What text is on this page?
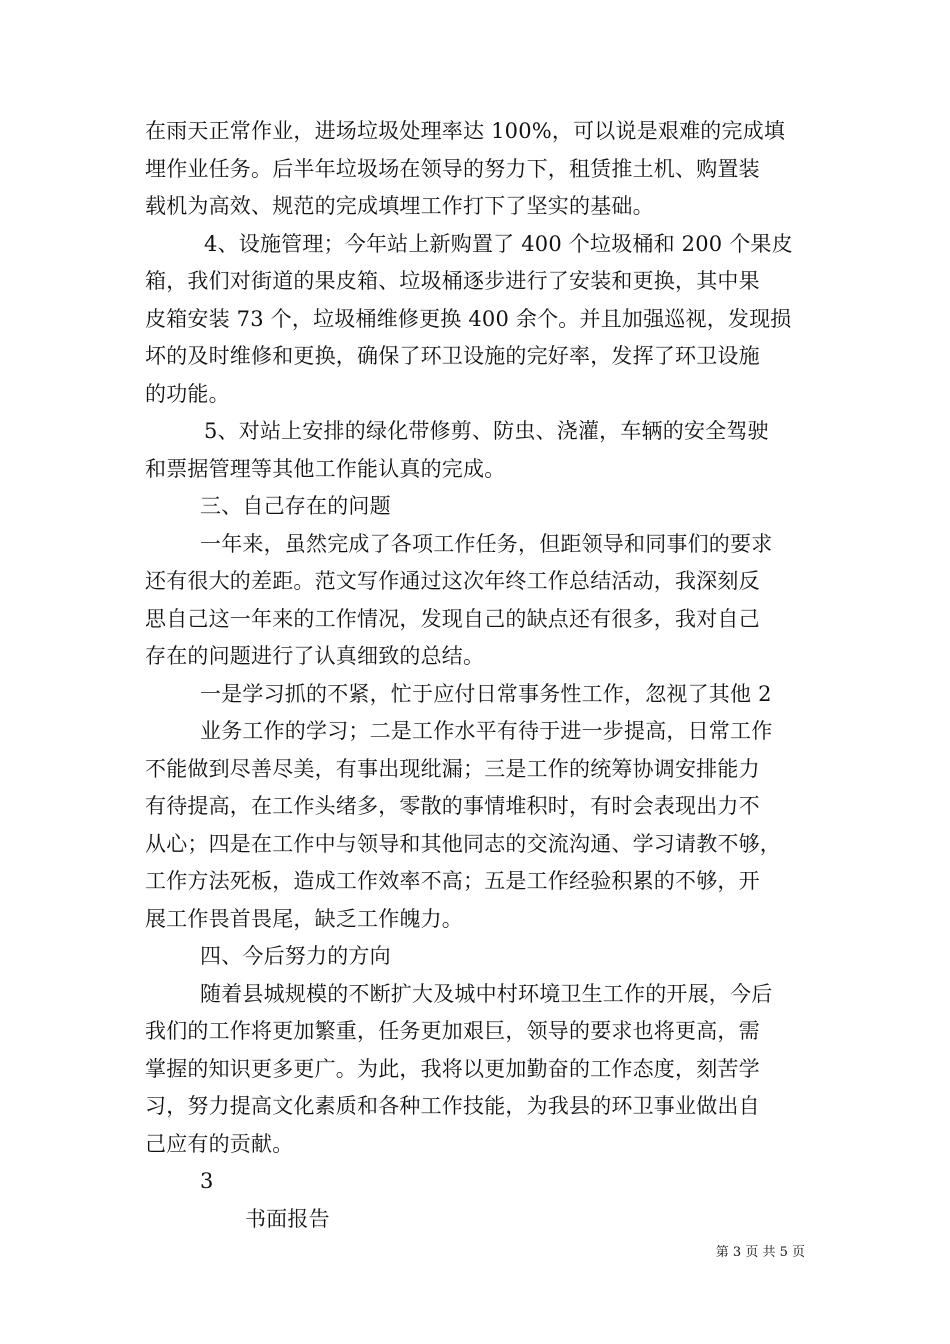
在雨天正常作业，进场垃圾处理率达 100%，可以说是艰难的完成填
埋作业任务。后半年垃圾场在领导的努力下，租赁推土机、购置装
载机为高效、规范的完成填埋工作打下了坚实的基础。
4、设施管理；今年站上新购置了 400 个垃圾桶和 200 个果皮
箱，我们对街道的果皮箱、垃圾桶逐步进行了安装和更换，其中果
皮箱安装 73 个，垃圾桶维修更换 400 余个。并且加强巡视，发现损
坏的及时维修和更换，确保了环卫设施的完好率，发挥了环卫设施
的功能。
5、对站上安排的绿化带修剪、防虫、浇灌，车辆的安全驾驶
和票据管理等其他工作能认真的完成。
三、自己存在的问题
一年来，虽然完成了各项工作任务，但距领导和同事们的要求
还有很大的差距。范文写作通过这次年终工作总结活动，我深刻反
思自己这一年来的工作情况，发现自己的缺点还有很多，我对自己
存在的问题进行了认真细致的总结。
一是学习抓的不紧，忙于应付日常事务性工作，忽视了其他 2
业务工作的学习；二是工作水平有待于进一步提高，日常工作
不能做到尽善尽美，有事出现纰漏；三是工作的统筹协调安排能力
有待提高，在工作头绪多，零散的事情堆积时，有时会表现出力不
从心；四是在工作中与领导和其他同志的交流沟通、学习请教不够，
工作方法死板，造成工作效率不高；五是工作经验积累的不够，开
展工作畏首畏尾，缺乏工作魄力。
四、今后努力的方向
随着县城规模的不断扩大及城中村环境卫生工作的开展，今后
我们的工作将更加繁重，任务更加艰巨，领导的要求也将更高，需
掌握的知识更多更广。为此，我将以更加勤奋的工作态度，刻苦学
习，努力提高文化素质和各种工作技能，为我县的环卫事业做出自
己应有的贡献。
3
书面报告
第 3 页 共 5 页
